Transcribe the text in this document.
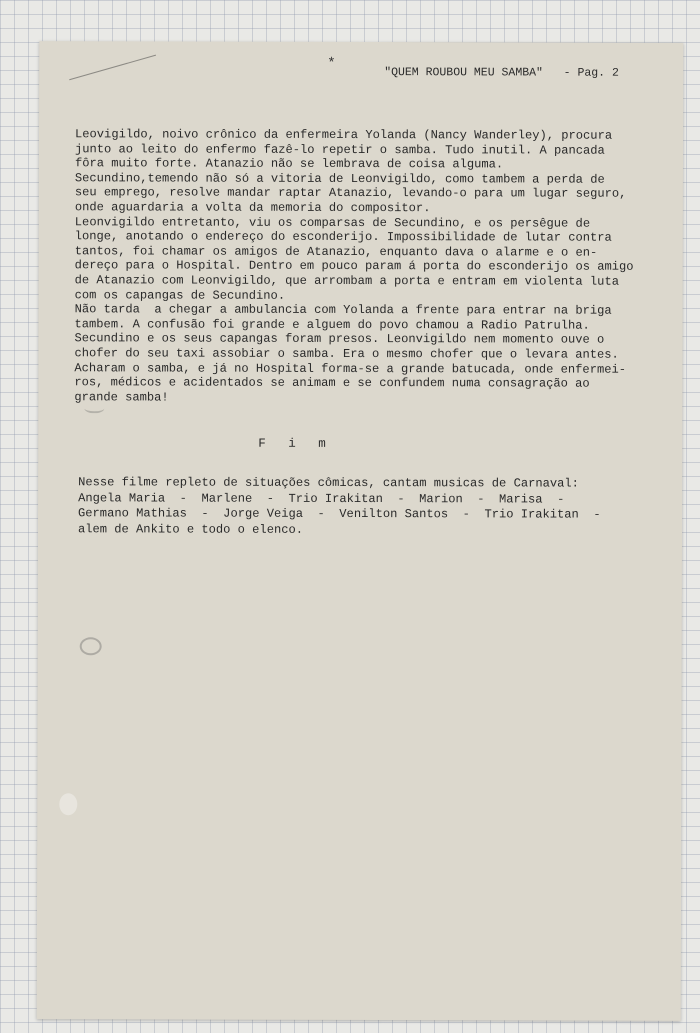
*
"QUEM ROUBOU MEU SAMBA" - Pag. 2
Leovigildo, noivo crônico da enfermeira Yolanda (Nancy Wanderley), procura
junto ao leito do enfermo fazê-lo repetir o samba. Tudo inutil. A pancada
fôra muito forte. Atanazio não se lembrava de coisa alguma.
Secundino,temendo não só a vitoria de Leonvigildo, como tambem a perda de
seu emprego, resolve mandar raptar Atanazio, levando-o para um lugar seguro,
onde aguardaria a volta da memoria do compositor.
Leonvigildo entretanto, viu os comparsas de Secundino, e os persêgue de
longe, anotando o endereço do esconderijo. Impossibilidade de lutar contra
tantos, foi chamar os amigos de Atanazio, enquanto dava o alarme e o en-
dereço para o Hospital. Dentro em pouco param á porta do esconderijo os amigo
de Atanazio com Leonvigildo, que arrombam a porta e entram em violenta luta
com os capangas de Secundino.
Não tarda  a chegar a ambulancia com Yolanda a frente para entrar na briga
tambem. A confusão foi grande e alguem do povo chamou a Radio Patrulha.
Secundino e os seus capangas foram presos. Leonvigildo nem momento ouve o
chofer do seu taxi assobiar o samba. Era o mesmo chofer que o levara antes.
Acharam o samba, e já no Hospital forma-se a grande batucada, onde enfermei-
ros, médicos e acidentados se animam e se confundem numa consagração ao
grande samba!
F   i   m
Nesse filme repleto de situações cômicas, cantam musicas de Carnaval:
Angela Maria  -  Marlene  -  Trio Irakitan  -  Marion  -  Marisa  -
Germano Mathias  -  Jorge Veiga  -  Venilton Santos  -  Trio Irakitan  -
alem de Ankito e todo o elenco.
